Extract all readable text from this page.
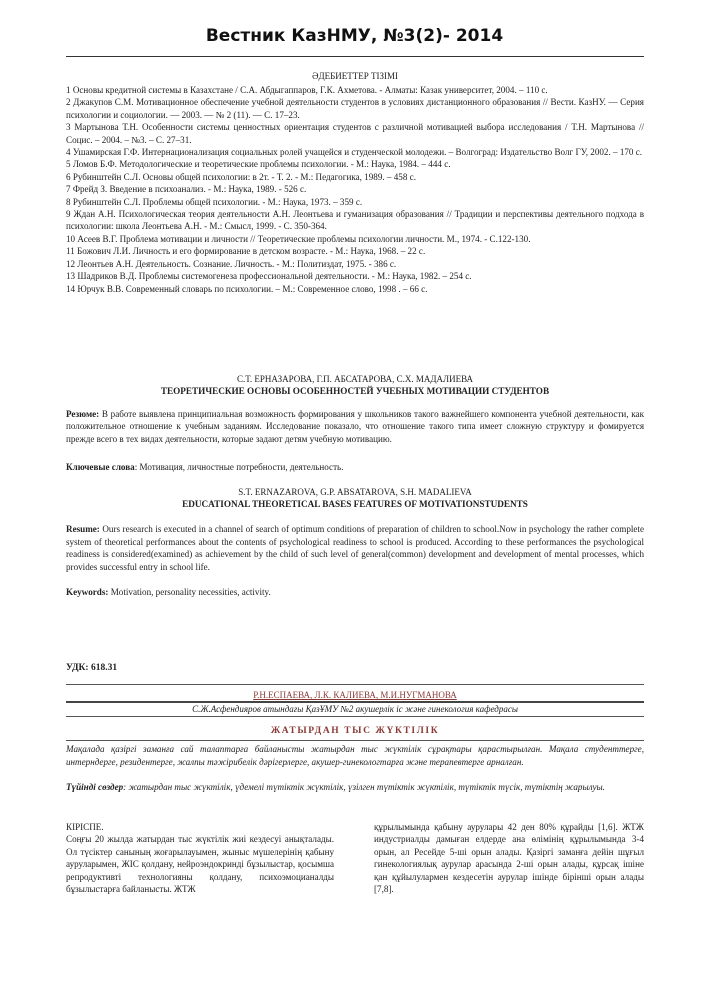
Вестник КазНМУ, №3(2)- 2014
ӘДЕБИЕТТЕР ТІЗІМІ
1 Основы кредитной системы в Казахстане / С.А. Абдыгаппаров, Г.К. Ахметова. - Алматы: Казак университет, 2004. – 110 с.
2 Джакупов С.М. Мотивационное обеспечение учебной деятельности студентов в условиях дистанционного образования // Вести. КазНУ. — Серия психологии и социологии. — 2003. — № 2 (11). — С. 17–23.
3 Мартынова Т.Н. Особенности системы ценностных ориентация студентов с различной мотивацией выбора исследования / Т.Н. Мартынова // Социс. – 2004. – №3. – С. 27–31.
4 Ушамирская Г.Ф. Интернационализация социальных ролей учащейся и студенческой молодежи. – Волгоград: Издательство Волг ГУ, 2002. – 170 с.
5 Ломов Б.Ф. Методологические и теоретические проблемы психологии. - М.: Наука, 1984. – 444 с.
6 Рубинштейн С.Л. Основы общей психологии: в 2т. - Т. 2. - М.: Педагогика, 1989. – 458 с.
7 Фрейд З. Введение в психоанализ. - М.: Наука, 1989. - 526 с.
8 Рубинштейн С.Л. Проблемы общей психологии. - М.: Наука, 1973. – 359 с.
9 Ждан А.Н. Психологическая теория деятельности А.Н. Леонтьева и гуманизация образования // Традиции и перспективы деятельного подхода в психологии: школа Леонтьева А.Н. - М.: Смысл, 1999. - С. 350-364.
10 Асеев В.Г. Проблема мотивации и личности // Теоретические проблемы психологии личности. М., 1974. - С.122-130.
11 Божович Л.И. Личность и его формирование в детском возрасте. - М.: Наука, 1968. – 22 с.
12 Леонтьев А.Н. Деятельность. Сознание. Личность. - М.: Политиздат, 1975. - 386 с.
13 Шадриков В.Д. Проблемы системогенеза профессиональной деятельности. - М.: Наука, 1982. – 254 с.
14 Юрчук В.В. Современный словарь по психологии. – М.: Современное слово, 1998 . – 66 с.
С.Т. ЕРНАЗАРОВА, Г.П. АБСАТАРОВА, С.Х. МАДАЛИЕВА
ТЕОРЕТИЧЕСКИЕ ОСНОВЫ ОСОБЕННОСТЕЙ УЧЕБНЫХ МОТИВАЦИИ СТУДЕНТОВ
Резюме: В работе выявлена принципиальная возможность формирования у школьников такого важнейшего компонента учебной деятельности, как положительное отношение к учебным заданиям. Исследование показало, что отношение такого типа имеет сложную структуру и фомируется прежде всего в тех видах деятельности, которые задают детям учебную мотивацию.
Ключевые слова: Мотивация, личностные потребности, деятельность.
S.T. ERNAZAROVA, G.P. ABSATAROVA, S.H. MADALIEVA
EDUCATIONAL THEORETICAL BASES FEATURES OF MOTIVATIONSTUDENTS
Resume: Ours research is executed in a channel of search of optimum conditions of preparation of children to school.Now in psychology the rather complete system of theoretical performances about the contents of psychological readiness to school is produced. According to these performances the psychological readiness is considered(examined) as achievement by the child of such level of general(common) development and development of mental processes, which provides successful entry in school life.
Keywords: Motivation, personality necessities, activity.
УДК: 618.31
Р.Н.ЕСПАЕВА, Л.К. КАЛИЕВА, М.И.НУГМАНОВА
С.Ж.Асфендияров атындағы ҚазҰМУ №2 акушерлік іс және гинекология кафедрасы
ЖАТЫРДАН ТЫС ЖҮКТІЛІК
Мақалада қазіргі заманға сай талаптарға байланысты жатырдан тыс жүктілік сұрақтары қарастырылған. Мақала студенттерге, интерндерге, резидентерге, жалпы тәжірибелік дәрігерлерге, акушер-гинекологтарға және терапевтерге арналған.
Түйінді сөздер: жатырдан тыс жүктілік, үдемелі түтіктік жүктілік, үзілген түтіктік жүктілік, түтіктік түсік, түтіктің жарылуы.
КІРІСПЕ.
Соңғы 20 жылда жатырдан тыс жүктілік жиі кездесуі анықталады. Ол түсіктер санының жоғарылауымен, жыныс мүшелерінің қабыну ауруларымен, ЖІС қолдану, нейроэндокринді бұзылыстар, қосымша репродуктивті технологияны қолдану, психоэмоцианалды бұзылыстарға байланысты. ЖТЖ
құрылымында қабыну аурулары 42 ден 80% құрайды [1,6]. ЖТЖ индустриалды дамыған елдерде ана өлімінің құрылымында 3-4 орын, ал Ресейде 5-ші орын алады. Қазіргі заманға дейін шұғыл гинекологиялық аурулар арасында 2-ші орын алады, құрсақ ішіне қан құйылулармен кездесетін аурулар ішінде бірінші орын алады [7,8].
